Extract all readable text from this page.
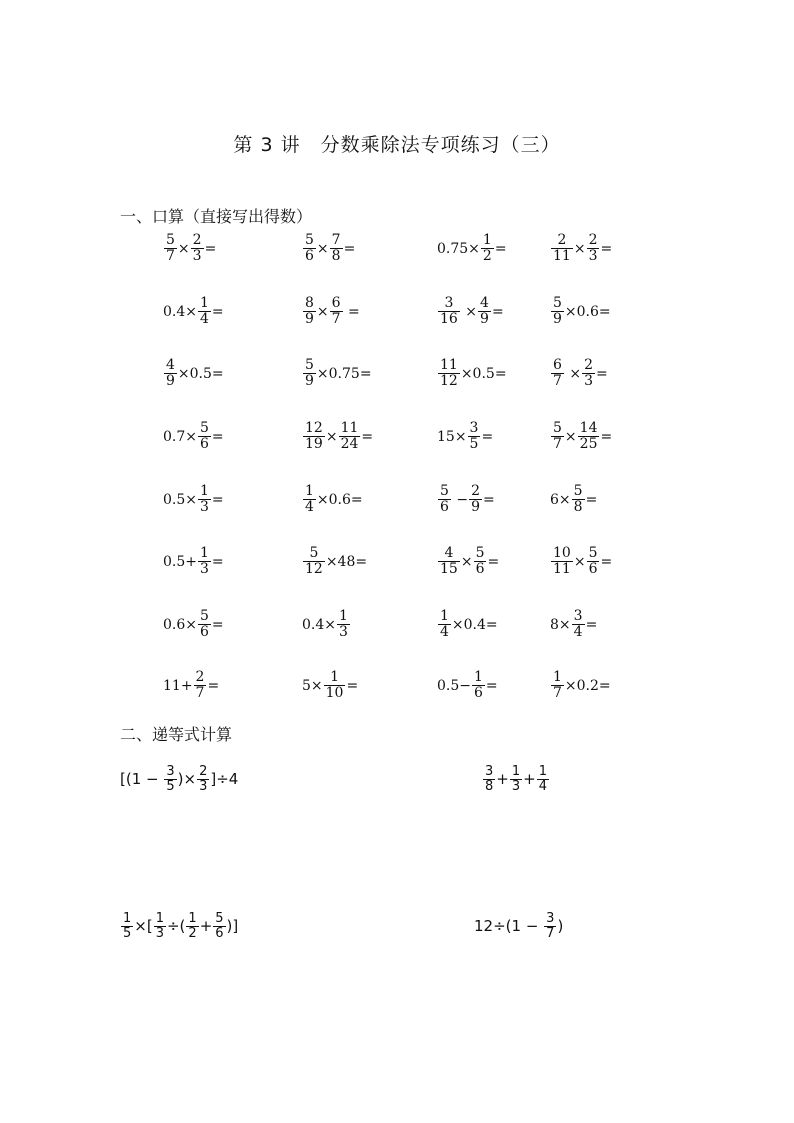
第 3 讲　分数乘除法专项练习（三）
一、口算（直接写出得数）
二、递等式计算
$\frac{5}{7} \times \frac{2}{3}$ =	$\frac{5}{6} \times \frac{7}{8}$ =	$0.75\times \frac{1}{2}$ =	$\frac{2}{11} \times \frac{2}{3}$ =
$0.4\times \frac{1}{4}$ =	$\frac{8}{9} \times \frac{6}{7}$ =	$\frac{3}{16} \times \frac{4}{9}$ =	$\frac{5}{9} \times 0.6=$
$\frac{4}{9} \times 0.5=$	$\frac{5}{9} \times 0.75=$	$\frac{11}{12} \times 0.5=$	$\frac{6}{7} \times \frac{2}{3}$ =
$0.7\times \frac{5}{6}$ =	$\frac{12}{19} \times \frac{11}{24}$ =	$15\times \frac{3}{5}$ =	$\frac{5}{7} \times \frac{14}{25}$ =
$0.5\times \frac{1}{3}$ =	$\frac{1}{4} \times 0.6=$	$\frac{5}{6} - \frac{2}{9}$ =	$6\times \frac{5}{8}$ =
$0.5+ \frac{1}{3}$ =	$\frac{5}{12} \times 48=$	$\frac{4}{15} \times \frac{5}{6}$ =	$\frac{10}{11} \times \frac{5}{6}$ =
$0.6\times \frac{5}{6}$ =	$0.4\times \frac{1}{3}$	$\frac{1}{4} \times 0.4=$	$8\times \frac{3}{4}$ =
$11+ \frac{2}{7}$ =	$5\times \frac{1}{10}$ =	$0.5- \frac{1}{6}$ =	$\frac{1}{7} \times 0.2=$
[($1 - \frac{3}{5}$ )× $\frac{2}{3} ]\div 4$	$\frac{3}{8} + \frac{1}{3} + \frac{1}{4}$
$\frac{1}{5}$ ×[ $\frac{1}{3}$ ÷( $\frac{1}{2} + \frac{5}{6}$ )]	$12\div(1 - \frac{3}{7}$ )
